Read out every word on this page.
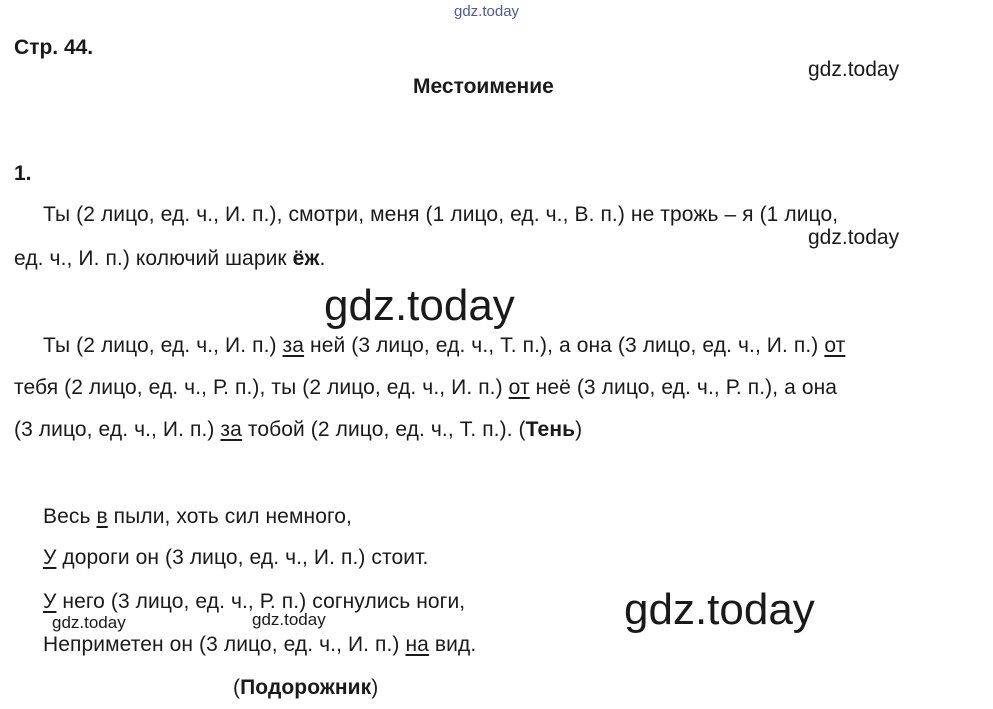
gdz.today
gdz.today
gdz.today
gdz.today
gdz.today
gdz.today	gdz.today
Стр. 44.
Местоимение
1.
Ты (2 лицо, ед. ч., И. п.), смотри, меня (1 лицо, ед. ч., В. п.) не трожь – я (1 лицо,
ед. ч., И. п.) колючий шарик ёж.
Ты (2 лицо, ед. ч., И. п.) за ней (3 лицо, ед. ч., Т. п.), а она (3 лицо, ед. ч., И. п.) от
тебя (2 лицо, ед. ч., Р. п.), ты (2 лицо, ед. ч., И. п.) от неё (3 лицо, ед. ч., Р. п.), а она
(3 лицо, ед. ч., И. п.) за тобой (2 лицо, ед. ч., Т. п.). (Тень)
Весь в пыли, хоть сил немного,
У дороги он (3 лицо, ед. ч., И. п.) стоит.
У него (3 лицо, ед. ч., Р. п.) согнулись ноги,
Неприметен он (3 лицо, ед. ч., И. п.) на вид.
(Подорожник)
